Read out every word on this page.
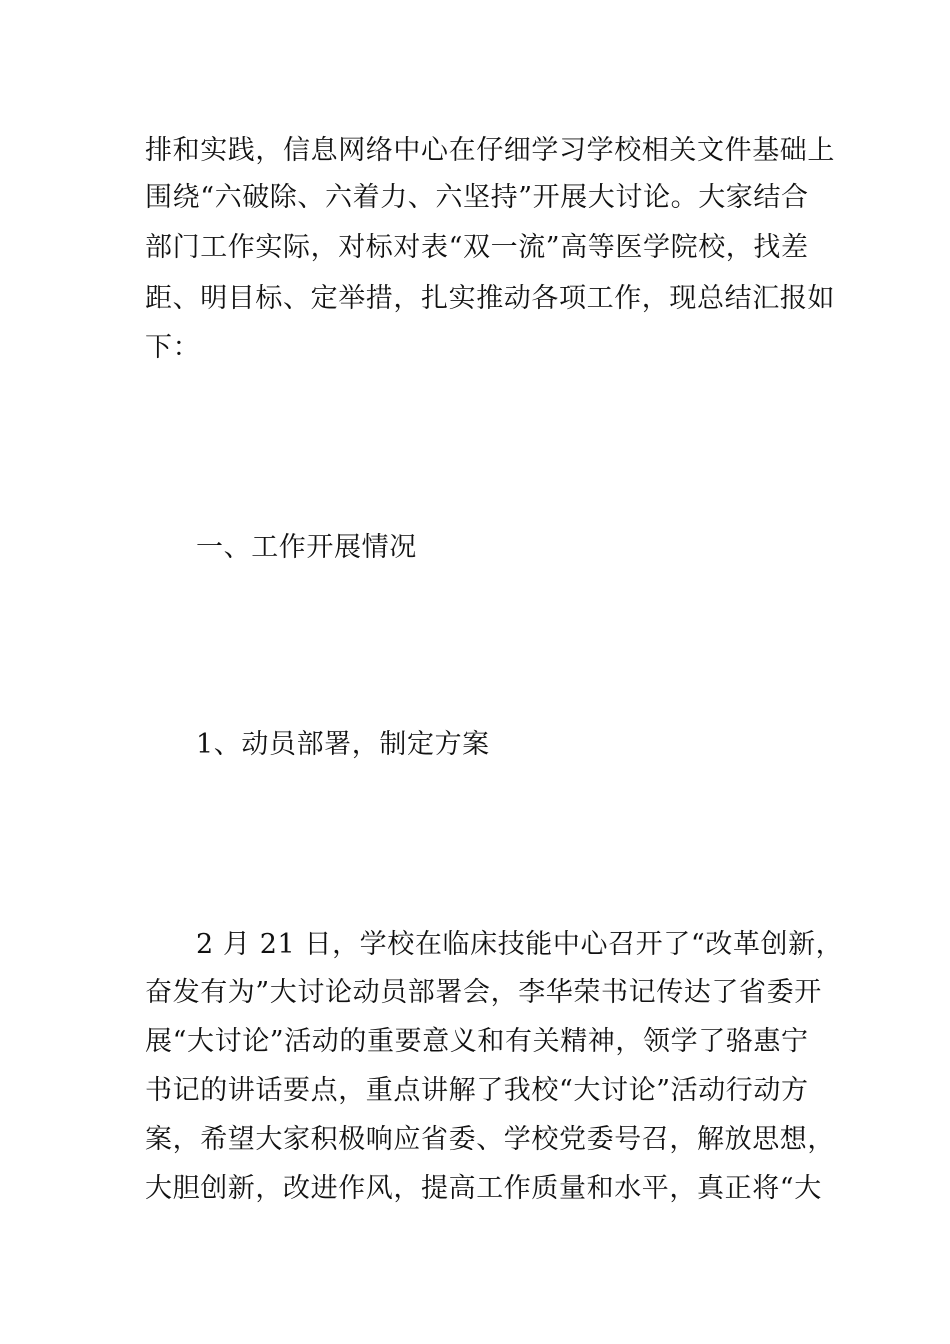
排和实践，信息网络中心在仔细学习学校相关文件基础上
围绕“六破除、六着力、六坚持”开展大讨论。大家结合
部门工作实际，对标对表“双一流”高等医学院校，找差
距、明目标、定举措，扎实推动各项工作，现总结汇报如
下：
一、工作开展情况
1、动员部署，制定方案
2 月 21 日，学校在临床技能中心召开了“改革创新，
奋发有为”大讨论动员部署会，李华荣书记传达了省委开
展“大讨论”活动的重要意义和有关精神，领学了骆惠宁
书记的讲话要点，重点讲解了我校“大讨论”活动行动方
案，希望大家积极响应省委、学校党委号召，解放思想，
大胆创新，改进作风，提高工作质量和水平，真正将“大
